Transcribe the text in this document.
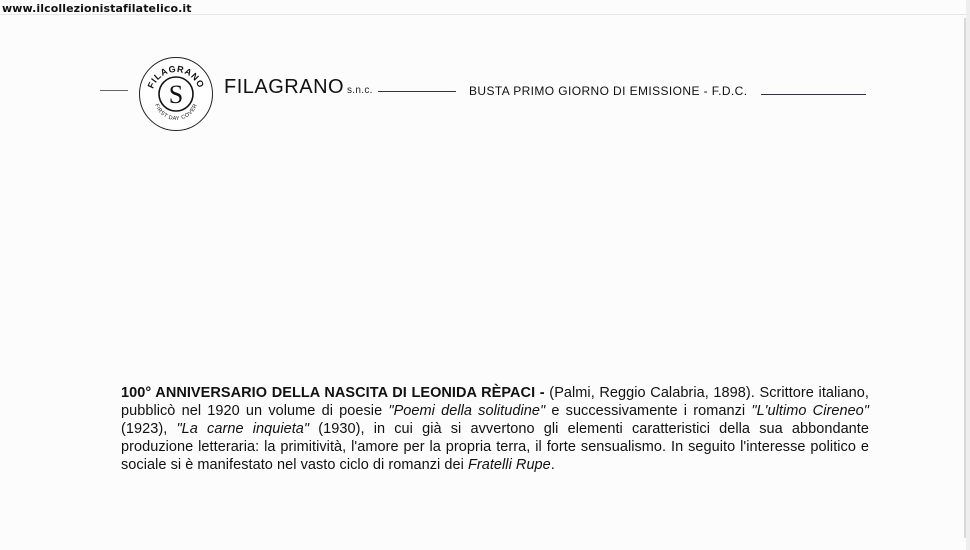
www.ilcollezionistafilatelico.it
S
FILAGRANO
FIRST DAY COVER
FILAGRANO s.n.c.	BUSTA PRIMO GIORNO DI EMISSIONE - F.D.C.

100° ANNIVERSARIO DELLA NASCITA DI LEONIDA RÈPACI - (Palmi, Reggio Calabria, 1898). Scrittore italiano, pubblicò nel 1920 un volume di poesie "Poemi della solitudine" e successivamente i romanzi "L'ultimo Cireneo" (1923), "La carne inquieta" (1930), in cui già si avvertono gli elementi caratteristici della sua abbondante produzione letteraria: la primitività, l'amore per la propria terra, il forte sensualismo. In seguito l'interesse politico e sociale si è manifestato nel vasto ciclo di romanzi dei Fratelli Rupe.
